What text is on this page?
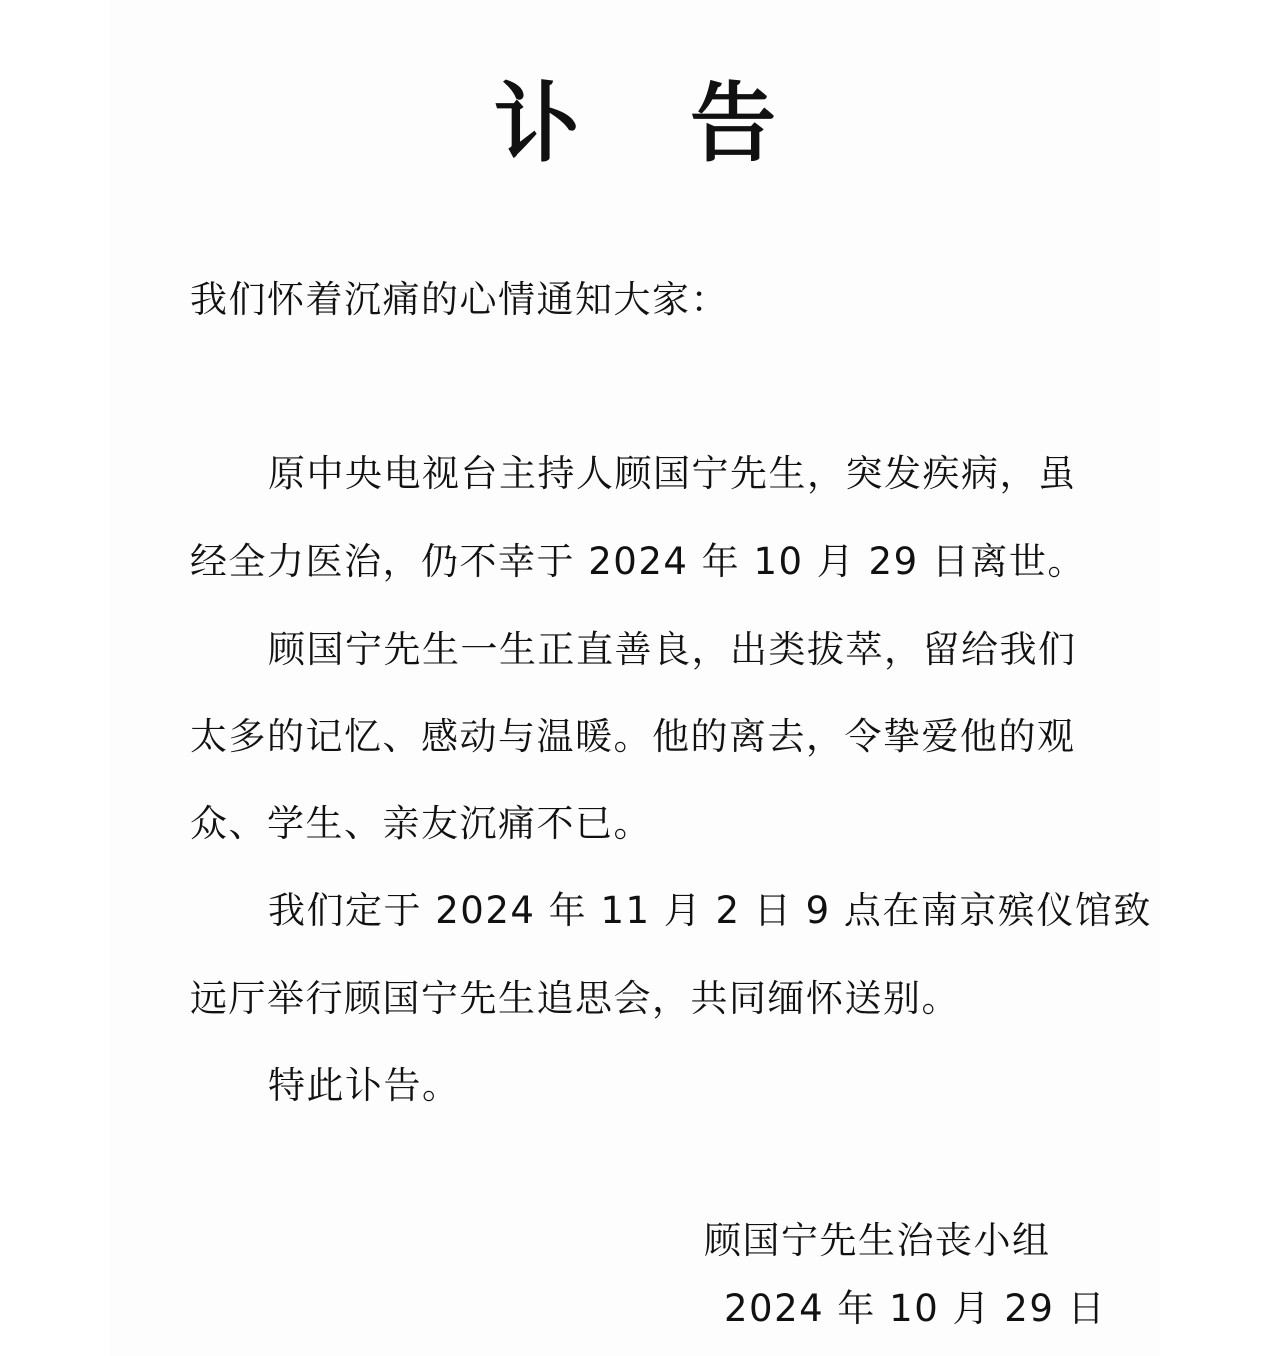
讣 告
我们怀着沉痛的心情通知大家：
原中央电视台主持人顾国宁先生，突发疾病，虽
经全力医治，仍不幸于 2024 年 10 月 29 日离世。
顾国宁先生一生正直善良，出类拔萃，留给我们
太多的记忆、感动与温暖。他的离去，令挚爱他的观
众、学生、亲友沉痛不已。
我们定于 2024 年 11 月 2 日 9 点在南京殡仪馆致
远厅举行顾国宁先生追思会，共同缅怀送别。
特此讣告。
顾国宁先生治丧小组
2024 年 10 月 29 日
